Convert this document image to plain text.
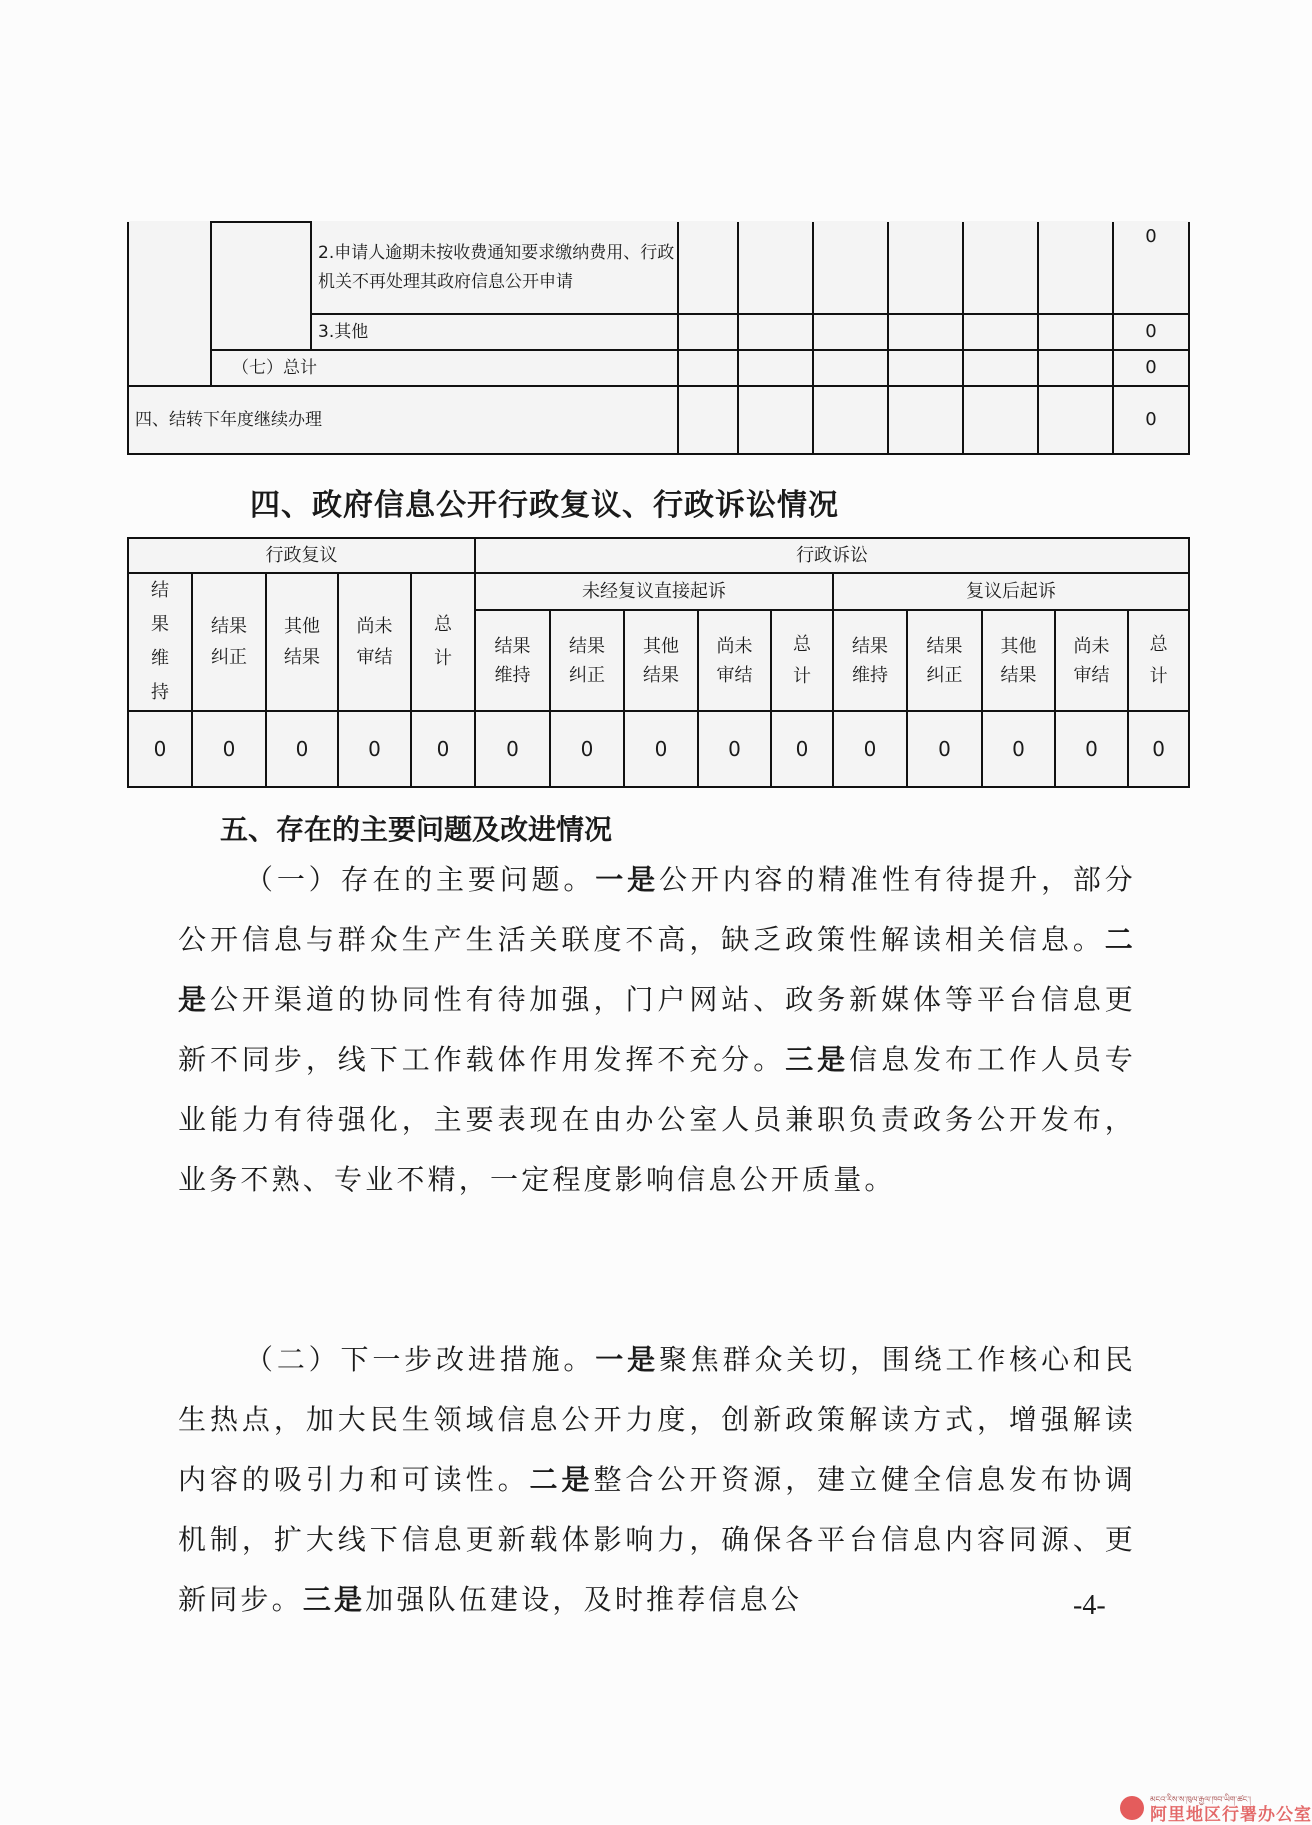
		2.申请人逾期未按收费通知要求缴纳费用、行政机关不再处理其政府信息公开申请							0
		3.其他							0
	（七）总计								0
四、结转下年度继续办理									0
四、政府信息公开行政复议、行政诉讼情况
行政复议					行政诉讼									
结果维持	结果纠正	其他结果	尚未审结	总计	未经复议直接起诉					复议后起诉				
					结果维持	结果纠正	其他结果	尚未审结	总计	结果维持	结果纠正	其他结果	尚未审结	总计
0	0	0	0	0	0	0	0	0	0	0	0	0	0	0
五、存在的主要问题及改进情况
（一）存在的主要问题。一是公开内容的精准性有待提升，部分公开信息与群众生产生活关联度不高，缺乏政策性解读相关信息。二是公开渠道的协同性有待加强，门户网站、政务新媒体等平台信息更新不同步，线下工作载体作用发挥不充分。三是信息发布工作人员专业能力有待强化，主要表现在由办公室人员兼职负责政务公开发布，业务不熟、专业不精，一定程度影响信息公开质量。
（二）下一步改进措施。一是聚焦群众关切，围绕工作核心和民生热点，加大民生领域信息公开力度，创新政策解读方式，增强解读内容的吸引力和可读性。二是整合公开资源，建立健全信息发布协调机制，扩大线下信息更新载体影响力，确保各平台信息内容同源、更新同步。三是加强队伍建设，及时推荐信息公	-4-
མངའ་རིས་ས་ཁུལ་རྒྱལ་ཁབ་ཡིག་ཚང་།
阿里地区行署办公室
